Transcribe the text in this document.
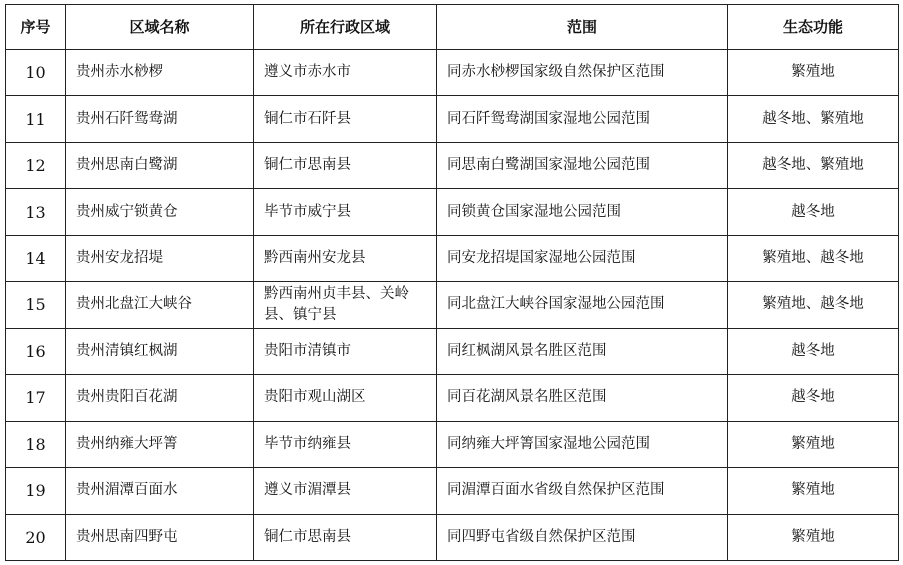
序号	区域名称	所在行政区域	范围	生态功能
10	贵州赤水桫椤	遵义市赤水市	同赤水桫椤国家级自然保护区范围	繁殖地
11	贵州石阡鸳鸯湖	铜仁市石阡县	同石阡鸳鸯湖国家湿地公园范围	越冬地、繁殖地
12	贵州思南白鹭湖	铜仁市思南县	同思南白鹭湖国家湿地公园范围	越冬地、繁殖地
13	贵州威宁锁黄仓	毕节市威宁县	同锁黄仓国家湿地公园范围	越冬地
14	贵州安龙招堤	黔西南州安龙县	同安龙招堤国家湿地公园范围	繁殖地、越冬地
15	贵州北盘江大峡谷	黔西南州贞丰县、关岭县、镇宁县	同北盘江大峡谷国家湿地公园范围	繁殖地、越冬地
16	贵州清镇红枫湖	贵阳市清镇市	同红枫湖风景名胜区范围	越冬地
17	贵州贵阳百花湖	贵阳市观山湖区	同百花湖风景名胜区范围	越冬地
18	贵州纳雍大坪箐	毕节市纳雍县	同纳雍大坪箐国家湿地公园范围	繁殖地
19	贵州湄潭百面水	遵义市湄潭县	同湄潭百面水省级自然保护区范围	繁殖地
20	贵州思南四野屯	铜仁市思南县	同四野屯省级自然保护区范围	繁殖地
